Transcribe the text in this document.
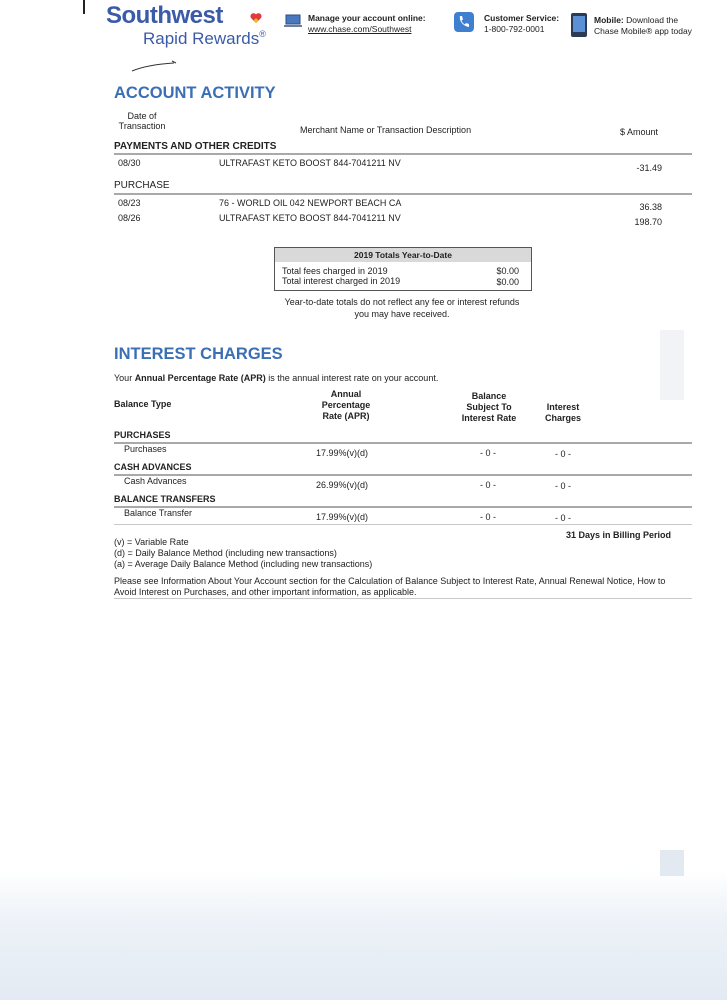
Southwest
Rapid Rewards®
Manage your account online:
www.chase.com/Southwest
Customer Service:
1-800-792-0001
Mobile: Download the
Chase Mobile® app today
ACCOUNT ACTIVITY
Date of
Transaction	Merchant Name or Transaction Description	$ Amount
PAYMENTS AND OTHER CREDITS
08/30	ULTRAFAST KETO BOOST 844-7041211 NV	-31.49
PURCHASE
08/23	76 - WORLD OIL 042 NEWPORT BEACH CA	36.38
08/26	ULTRAFAST KETO BOOST 844-7041211 NV	198.70
2019 Totals Year-to-Date
Total fees charged in 2019	$0.00
Total interest charged in 2019	$0.00
Year-to-date totals do not reflect any fee or interest refunds
you may have received.
INTEREST CHARGES
Your Annual Percentage Rate (APR) is the annual interest rate on your account.
Balance Type
Annual
Percentage
Rate (APR)
Balance
Subject To
Interest Rate
Interest
Charges
PURCHASES
Purchases	17.99%(v)(d)	- 0 -	- 0 -
CASH ADVANCES
Cash Advances	26.99%(v)(d)	- 0 -	- 0 -
BALANCE TRANSFERS
Balance Transfer	17.99%(v)(d)	- 0 -	- 0 -
31 Days in Billing Period
(v) = Variable Rate
(d) = Daily Balance Method (including new transactions)
(a) = Average Daily Balance Method (including new transactions)
Please see Information About Your Account section for the Calculation of Balance Subject to Interest Rate, Annual Renewal Notice, How to
Avoid Interest on Purchases, and other important information, as applicable.
